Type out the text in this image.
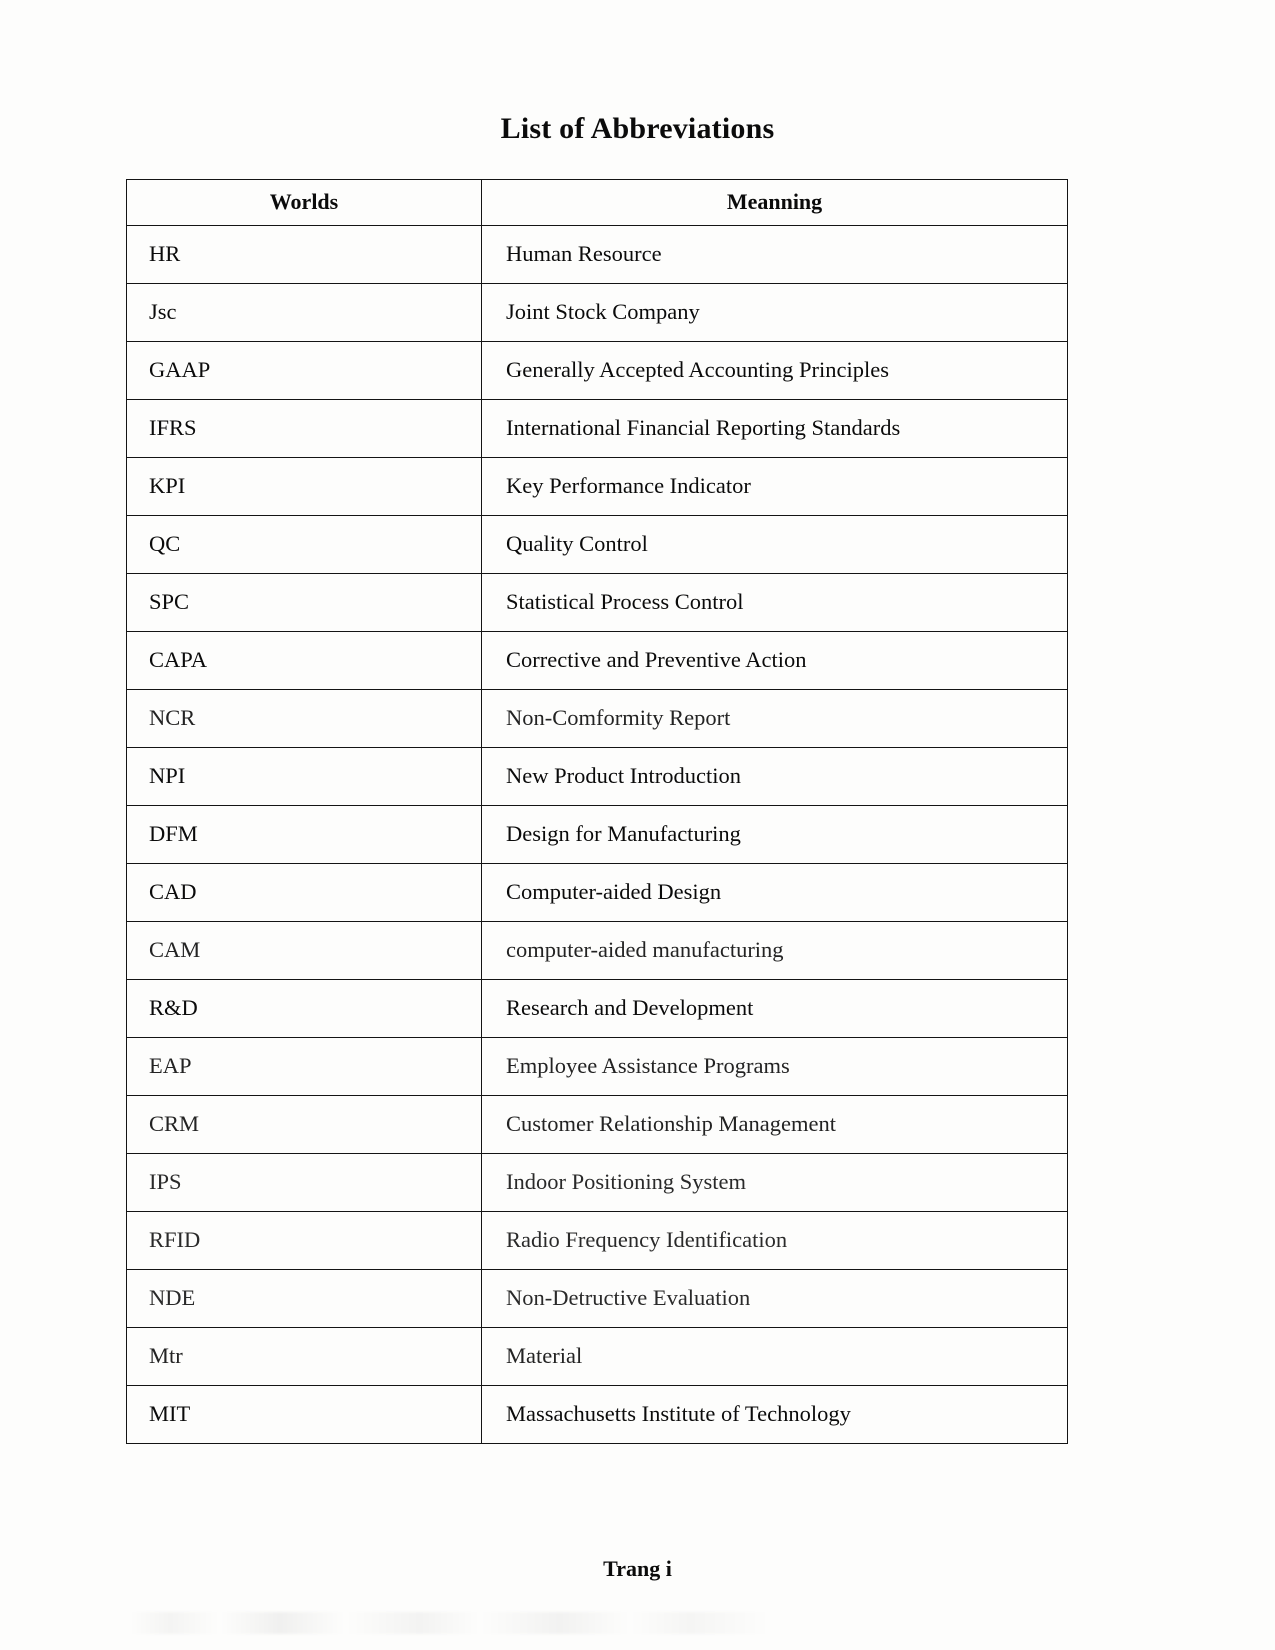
List of Abbreviations
Worlds	Meanning
HR	Human Resource
Jsc	Joint Stock Company
GAAP	Generally Accepted Accounting Principles
IFRS	International Financial Reporting Standards
KPI	Key Performance Indicator
QC	Quality Control
SPC	Statistical Process Control
CAPA	Corrective and Preventive Action
NCR	Non-Comformity Report
NPI	New Product Introduction
DFM	Design for Manufacturing
CAD	Computer-aided Design
CAM	computer-aided manufacturing
R&D	Research and Development
EAP	Employee Assistance Programs
CRM	Customer Relationship Management
IPS	Indoor Positioning System
RFID	Radio Frequency Identification
NDE	Non-Detructive Evaluation
Mtr	Material
MIT	Massachusetts Institute of Technology
Trang i
